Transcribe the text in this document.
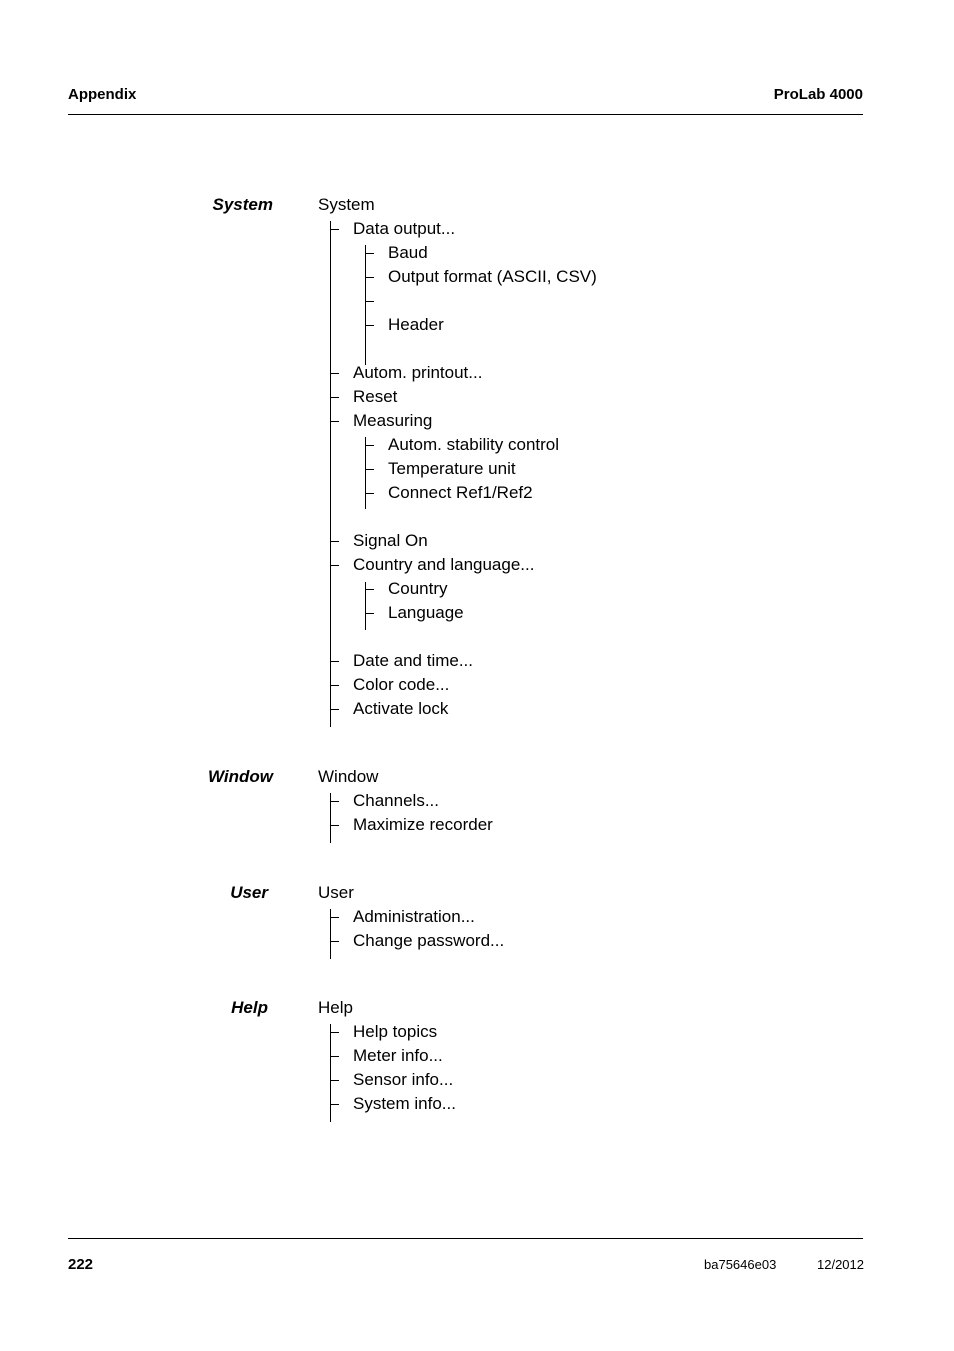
Appendix	ProLab 4000
System	System
Data output...
Baud
Output format (ASCII, CSV)
Header
Autom. printout...
Reset
Measuring
Autom. stability control
Temperature unit
Connect Ref1/Ref2
Signal On
Country and language...
Country
Language
Date and time...
Color code...
Activate lock
Window	Window
Channels...
Maximize recorder
User	User
Administration...
Change password...
Help	Help
Help topics
Meter info...
Sensor info...
System info...
222	ba75646e03	12/2012
